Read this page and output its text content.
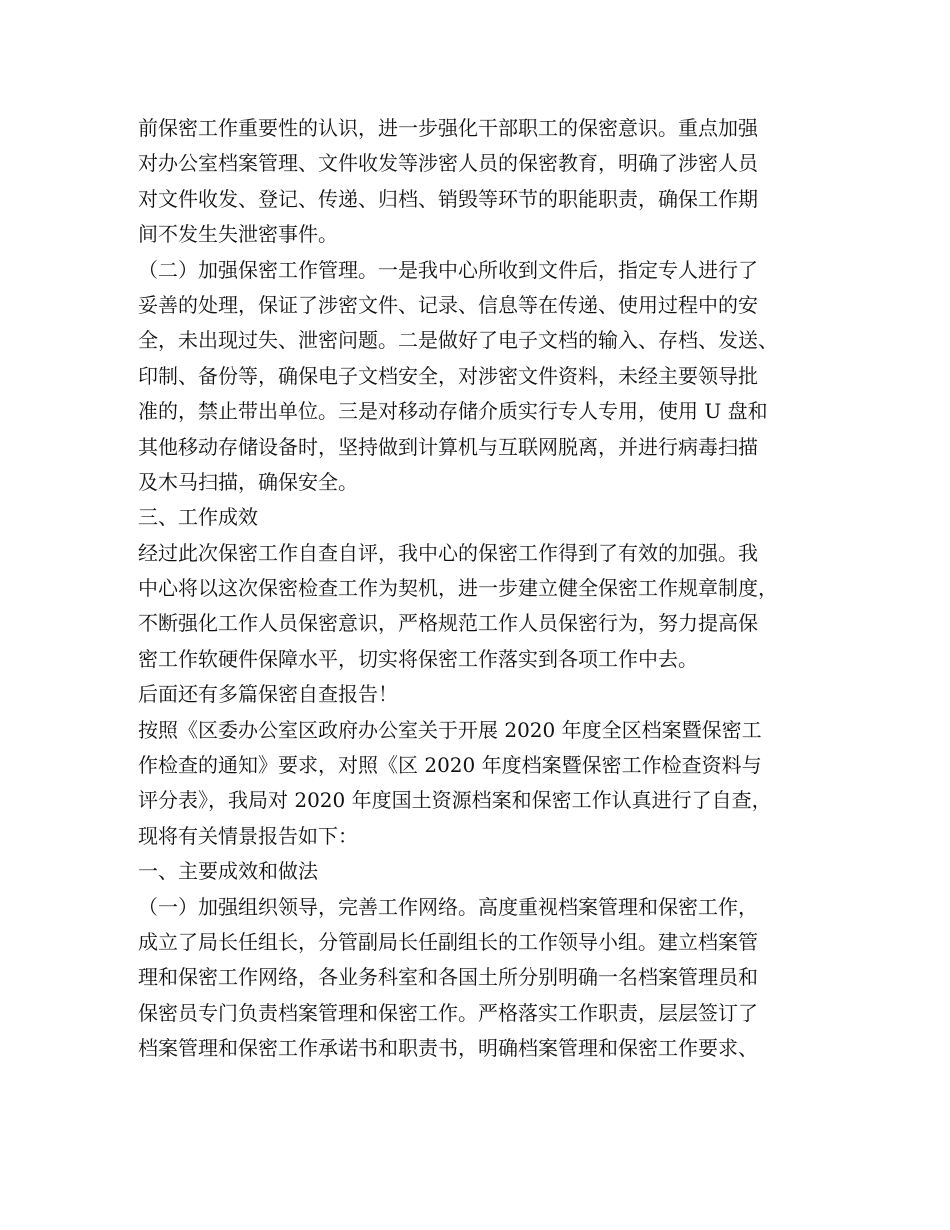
前保密工作重要性的认识，进一步强化干部职工的保密意识。重点加强
对办公室档案管理、文件收发等涉密人员的保密教育，明确了涉密人员
对文件收发、登记、传递、归档、销毁等环节的职能职责，确保工作期
间不发生失泄密事件。
（二）加强保密工作管理。一是我中心所收到文件后，指定专人进行了
妥善的处理，保证了涉密文件、记录、信息等在传递、使用过程中的安
全，未出现过失、泄密问题。二是做好了电子文档的输入、存档、发送、
印制、备份等，确保电子文档安全，对涉密文件资料，未经主要领导批
准的，禁止带出单位。三是对移动存储介质实行专人专用，使用 U 盘和
其他移动存储设备时，坚持做到计算机与互联网脱离，并进行病毒扫描
及木马扫描，确保安全。
三、工作成效
经过此次保密工作自查自评，我中心的保密工作得到了有效的加强。我
中心将以这次保密检查工作为契机，进一步建立健全保密工作规章制度，
不断强化工作人员保密意识，严格规范工作人员保密行为，努力提高保
密工作软硬件保障水平，切实将保密工作落实到各项工作中去。
后面还有多篇保密自查报告！
按照《区委办公室区政府办公室关于开展 2020 年度全区档案暨保密工
作检查的通知》要求，对照《区 2020 年度档案暨保密工作检查资料与
评分表》，我局对 2020 年度国土资源档案和保密工作认真进行了自查，
现将有关情景报告如下：
一、主要成效和做法
（一）加强组织领导，完善工作网络。高度重视档案管理和保密工作，
成立了局长任组长，分管副局长任副组长的工作领导小组。建立档案管
理和保密工作网络，各业务科室和各国土所分别明确一名档案管理员和
保密员专门负责档案管理和保密工作。严格落实工作职责，层层签订了
档案管理和保密工作承诺书和职责书，明确档案管理和保密工作要求、
